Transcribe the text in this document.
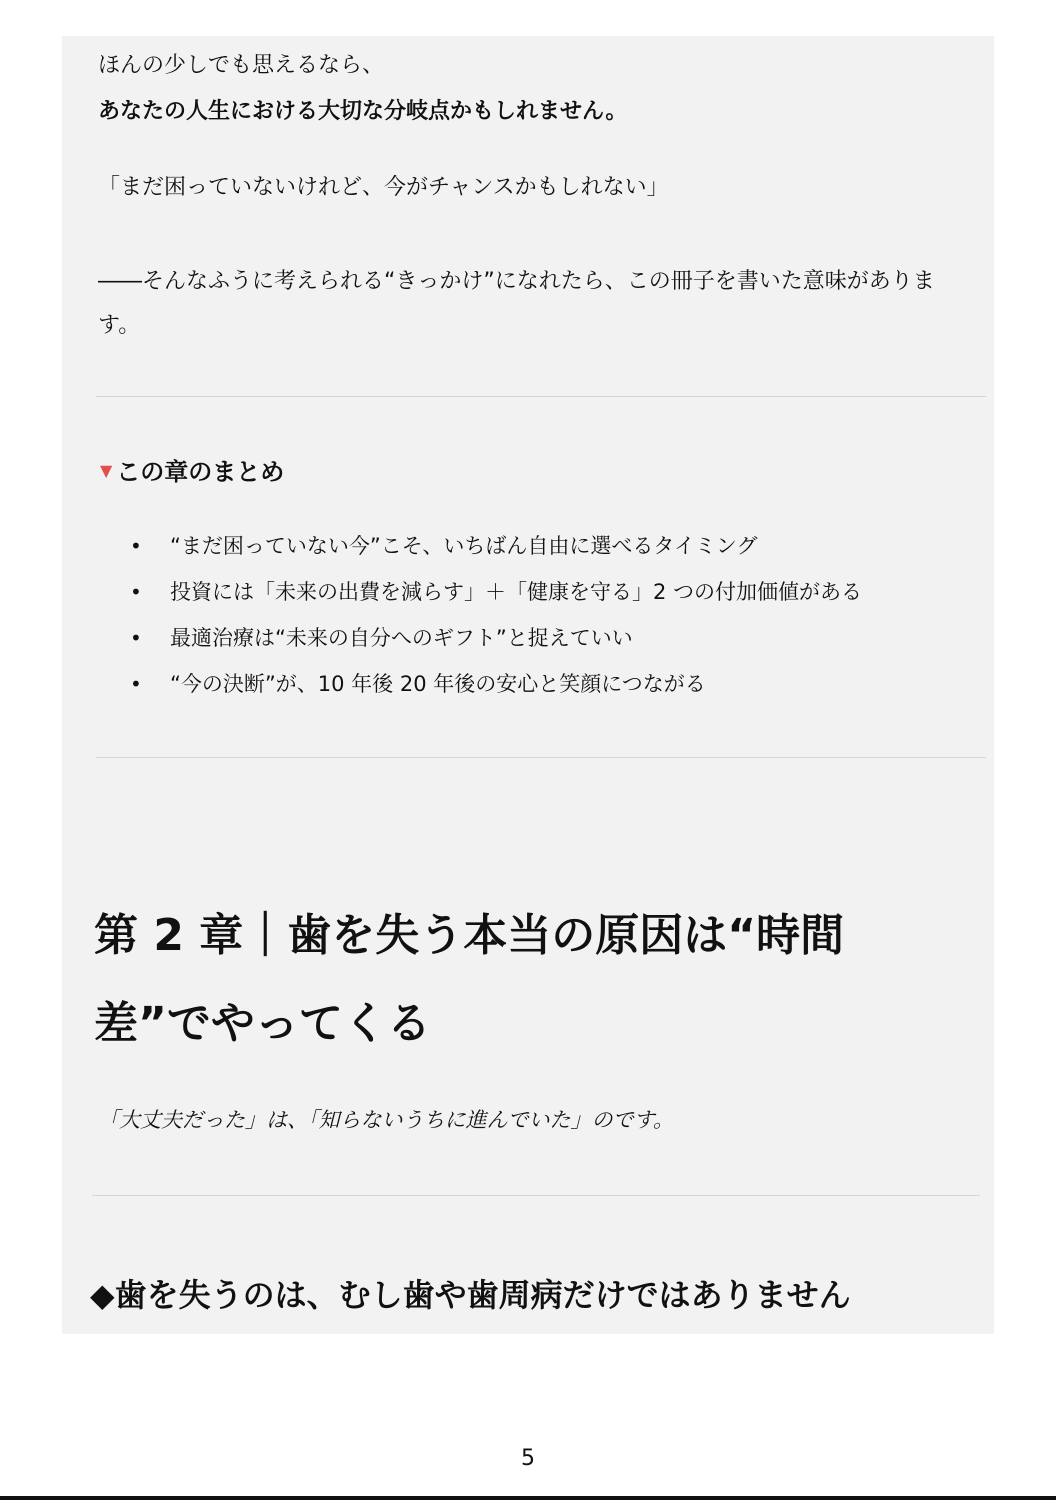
ほんの少しでも思えるなら、

あなたの人生における大切な分岐点かもしれません。

「まだ困っていないけれど、今がチャンスかもしれない」

――そんなふうに考えられる“きっかけ”になれたら、この冊子を書いた意味がありま

す。

▼ この章のまとめ
• “まだ困っていない今”こそ、いちばん自由に選べるタイミング
• 投資には「未来の出費を減らす」＋「健康を守る」2 つの付加価値がある
• 最適治療は“未来の自分へのギフト”と捉えていい
• “今の決断”が、10 年後 20 年後の安心と笑顔につながる
第 2 章｜歯を失う本当の原因は“時間差”でやってくる
「大丈夫だった」は、「知らないうちに進んでいた」のです。
◆歯を失うのは、むし歯や歯周病だけではありません
5
